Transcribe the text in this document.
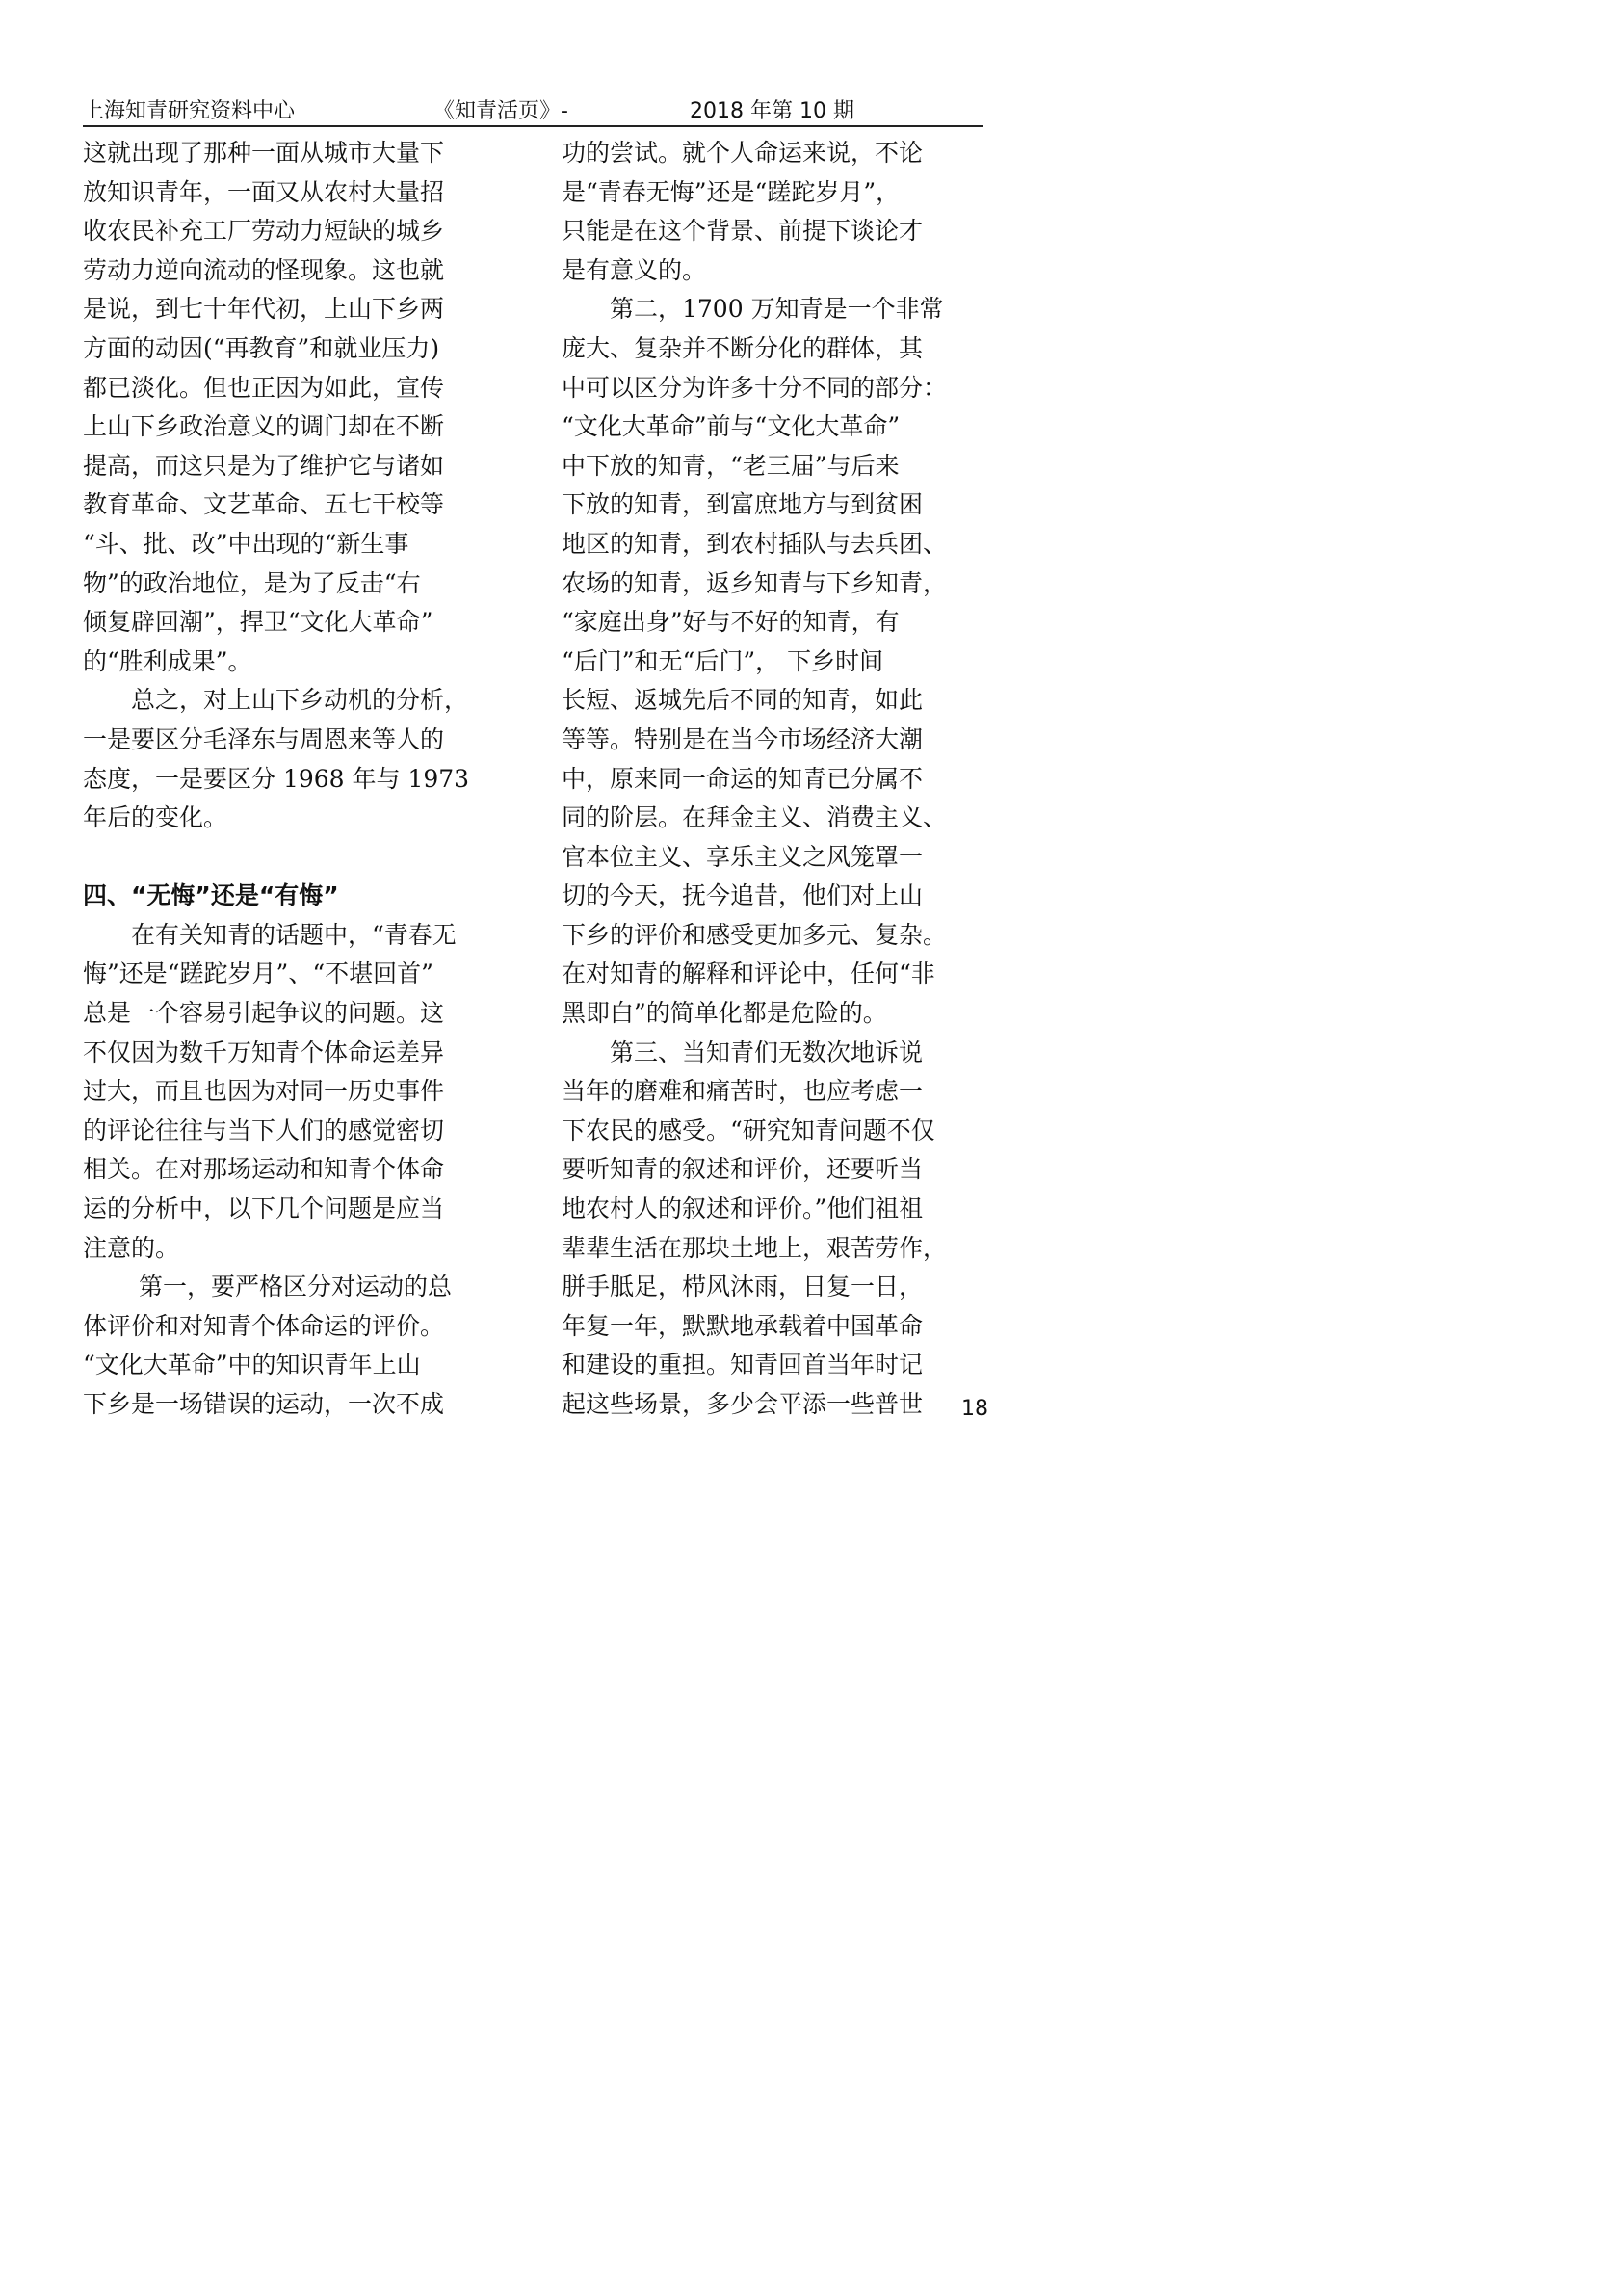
上海知青研究资料中心	《知青活页》-	2018 年第 10 期
这就出现了那种一面从城市大量下
放知识青年，一面又从农村大量招
收农民补充工厂劳动力短缺的城乡
劳动力逆向流动的怪现象。这也就
是说，到七十年代初，上山下乡两
方面的动因(“再教育”和就业压力)
都已淡化。但也正因为如此，宣传
上山下乡政治意义的调门却在不断
提高，而这只是为了维护它与诸如
教育革命、文艺革命、五七干校等
“斗、批、改”中出现的“新生事
物”的政治地位，是为了反击“右
倾复辟回潮”，捍卫“文化大革命”
的“胜利成果”。
　　总之，对上山下乡动机的分析，
一是要区分毛泽东与周恩来等人的
态度，一是要区分 1968 年与 1973
年后的变化。
四、“无悔”还是“有悔”
　　在有关知青的话题中，“青春无
悔”还是“蹉跎岁月”、“不堪回首”
总是一个容易引起争议的问题。这
不仅因为数千万知青个体命运差异
过大，而且也因为对同一历史事件
的评论往往与当下人们的感觉密切
相关。在对那场运动和知青个体命
运的分析中，以下几个问题是应当
注意的。
　　 第一，要严格区分对运动的总
体评价和对知青个体命运的评价。
“文化大革命”中的知识青年上山
下乡是一场错误的运动，一次不成
功的尝试。就个人命运来说，不论
是“青春无悔”还是“蹉跎岁月”，
只能是在这个背景、前提下谈论才
是有意义的。
　　第二，1700 万知青是一个非常
庞大、复杂并不断分化的群体，其
中可以区分为许多十分不同的部分：
“文化大革命”前与“文化大革命”
中下放的知青，“老三届”与后来
下放的知青，到富庶地方与到贫困
地区的知青，到农村插队与去兵团、
农场的知青，返乡知青与下乡知青，
“家庭出身”好与不好的知青，有
“后门”和无“后门”， 下乡时间
长短、返城先后不同的知青，如此
等等。特别是在当今市场经济大潮
中，原来同一命运的知青已分属不
同的阶层。在拜金主义、消费主义、
官本位主义、享乐主义之风笼罩一
切的今天，抚今追昔，他们对上山
下乡的评价和感受更加多元、复杂。
在对知青的解释和评论中，任何“非
黑即白”的简单化都是危险的。
　　第三、当知青们无数次地诉说
当年的磨难和痛苦时，也应考虑一
下农民的感受。“研究知青问题不仅
要听知青的叙述和评价，还要听当
地农村人的叙述和评价。”他们祖祖
辈辈生活在那块土地上，艰苦劳作，
胼手胝足，栉风沐雨，日复一日，
年复一年，默默地承载着中国革命
和建设的重担。知青回首当年时记
起这些场景，多少会平添一些普世	18
